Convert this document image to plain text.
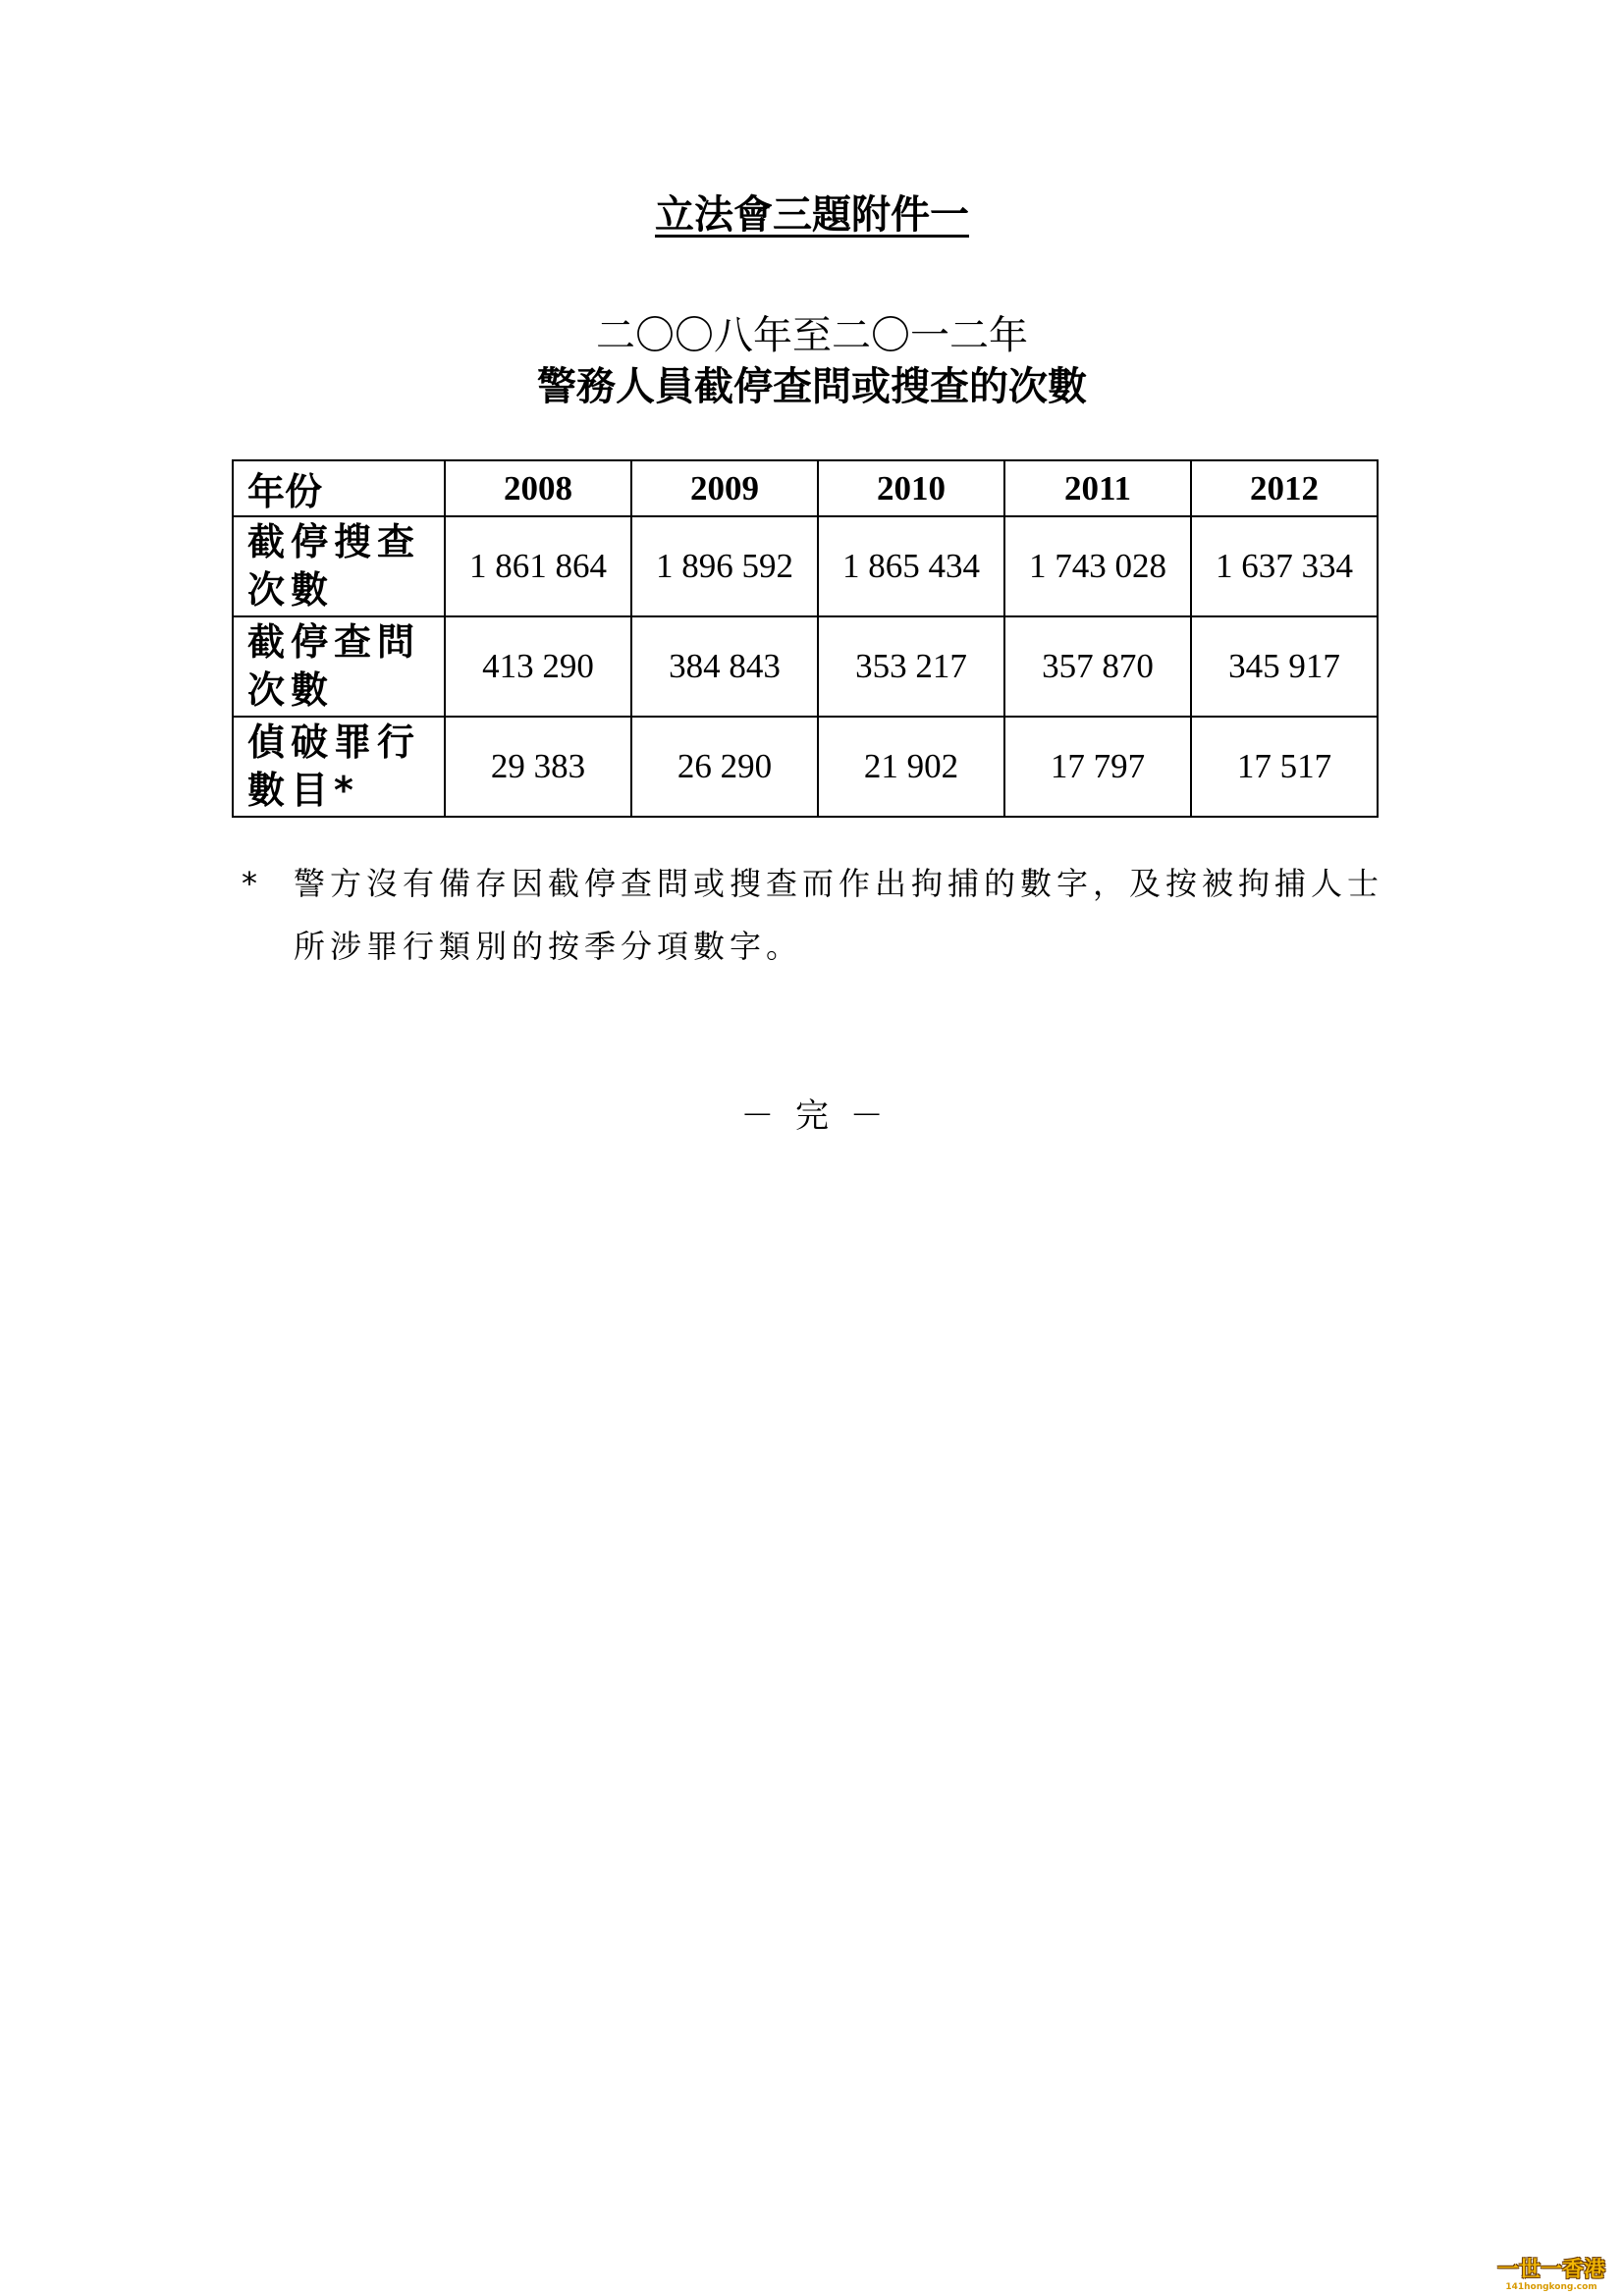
立法會三題附件一
二〇〇八年至二〇一二年
警務人員截停查問或搜查的次數
年份	2008	2009	2010	2011	2012

截停搜查
次數	1 861 864	1 896 592	1 865 434	1 743 028	1 637 334

截停查問
次數	413 290	384 843	353 217	357 870	345 917

偵破罪行
數目*	29 383	26 290	21 902	17 797	17 517
* 警方沒有備存因截停查問或搜查而作出拘捕的數字，及按被拘捕人士所涉罪行類別的按季分項數字。
－  完  －
一世一香港
141hongkong.com
